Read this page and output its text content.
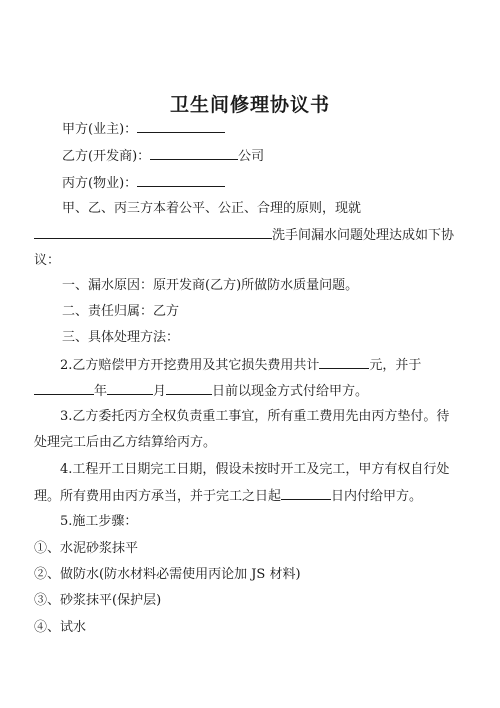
卫生间修理协议书

甲方(业主)：

乙方(开发商)：	公司

丙方(物业)：

甲、乙、丙三方本着公平、公正、合理的原则，现就

洗手间漏水问题处理达成如下协

议：

一、漏水原因：原开发商(乙方)所做防水质量问题。

二、责任归属：乙方

三、具体处理方法：

2.乙方赔偿甲方开挖费用及其它损失费用共计	元，并于

年	月	日前以现金方式付给甲方。

3.乙方委托丙方全权负责重工事宜，所有重工费用先由丙方垫付。待

处理完工后由乙方结算给丙方。

4.工程开工日期完工日期，假设未按时开工及完工，甲方有权自行处

理。所有费用由丙方承当，并于完工之日起	日内付给甲方。

5.施工步骤：

①、水泥砂浆抹平

②、做防水(防水材料必需使用丙论加 JS 材料)

③、砂浆抹平(保护层)

④、试水
